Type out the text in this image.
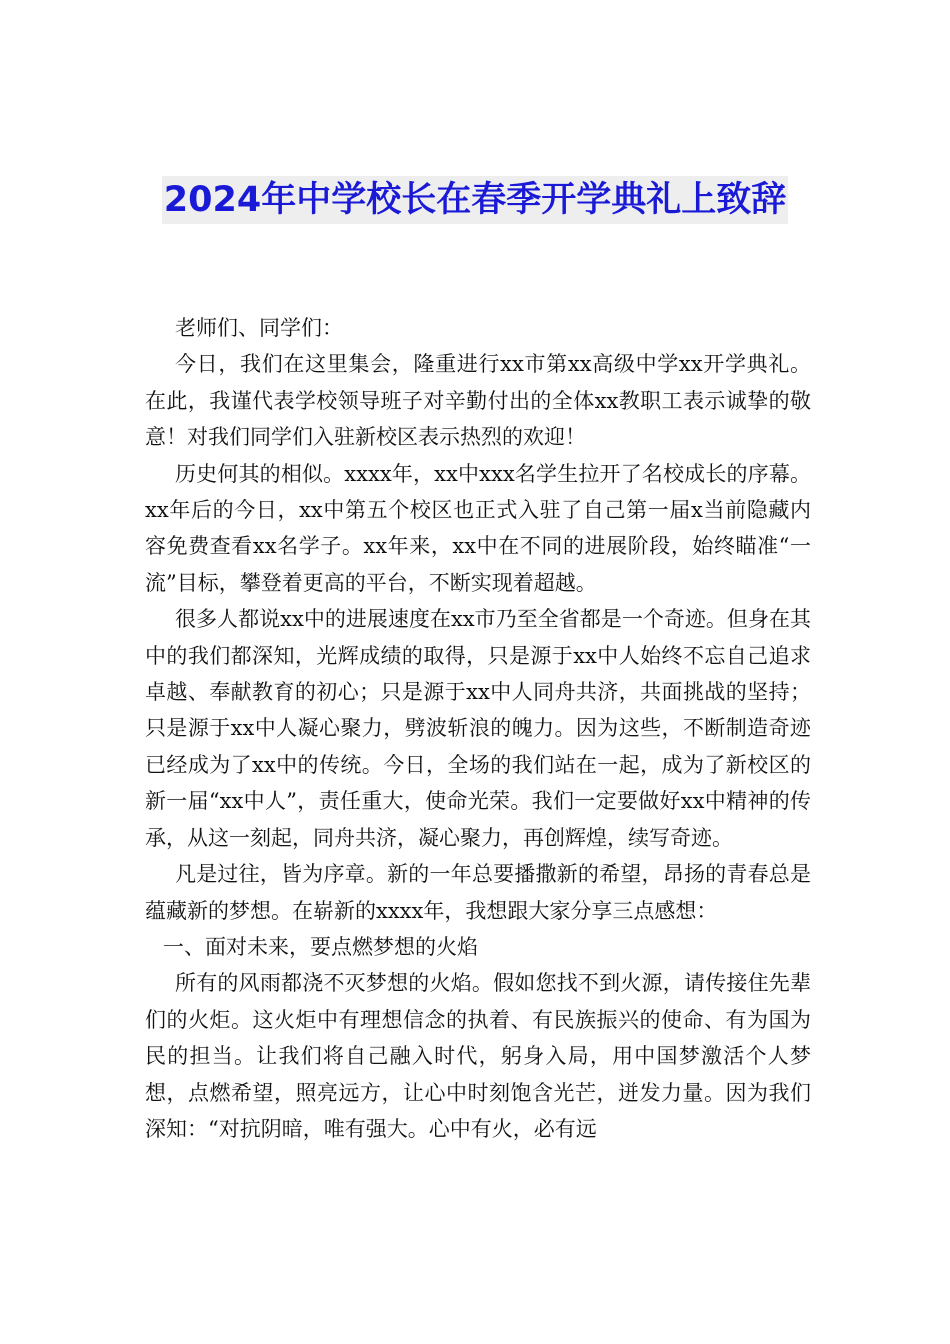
2024年中学校长在春季开学典礼上致辞

老师们、同学们：

今日，我们在这里集会，隆重进行xx市第xx高级中学xx开学典礼。在此，我谨代表学校领导班子对辛勤付出的全体xx教职工表示诚挚的敬意！对我们同学们入驻新校区表示热烈的欢迎！

历史何其的相似。xxxx年，xx中xxx名学生拉开了名校成长的序幕。xx年后的今日，xx中第五个校区也正式入驻了自己第一届x当前隐藏内容免费查看xx名学子。xx年来，xx中在不同的进展阶段，始终瞄准“一流”目标，攀登着更高的平台，不断实现着超越。

很多人都说xx中的进展速度在xx市乃至全省都是一个奇迹。但身在其中的我们都深知，光辉成绩的取得，只是源于xx中人始终不忘自己追求卓越、奉献教育的初心；只是源于xx中人同舟共济，共面挑战的坚持；只是源于xx中人凝心聚力，劈波斩浪的魄力。因为这些，不断制造奇迹已经成为了xx中的传统。今日，全场的我们站在一起，成为了新校区的新一届“xx中人”，责任重大，使命光荣。我们一定要做好xx中精神的传承，从这一刻起，同舟共济，凝心聚力，再创辉煌，续写奇迹。

凡是过往，皆为序章。新的一年总要播撒新的希望，昂扬的青春总是蕴藏新的梦想。在崭新的xxxx年，我想跟大家分享三点感想：

一、面对未来，要点燃梦想的火焰

所有的风雨都浇不灭梦想的火焰。假如您找不到火源，请传接住先辈们的火炬。这火炬中有理想信念的执着、有民族振兴的使命、有为国为民的担当。让我们将自己融入时代，躬身入局，用中国梦激活个人梦想，点燃希望，照亮远方，让心中时刻饱含光芒，迸发力量。因为我们深知：“对抗阴暗，唯有强大。心中有火，必有远
